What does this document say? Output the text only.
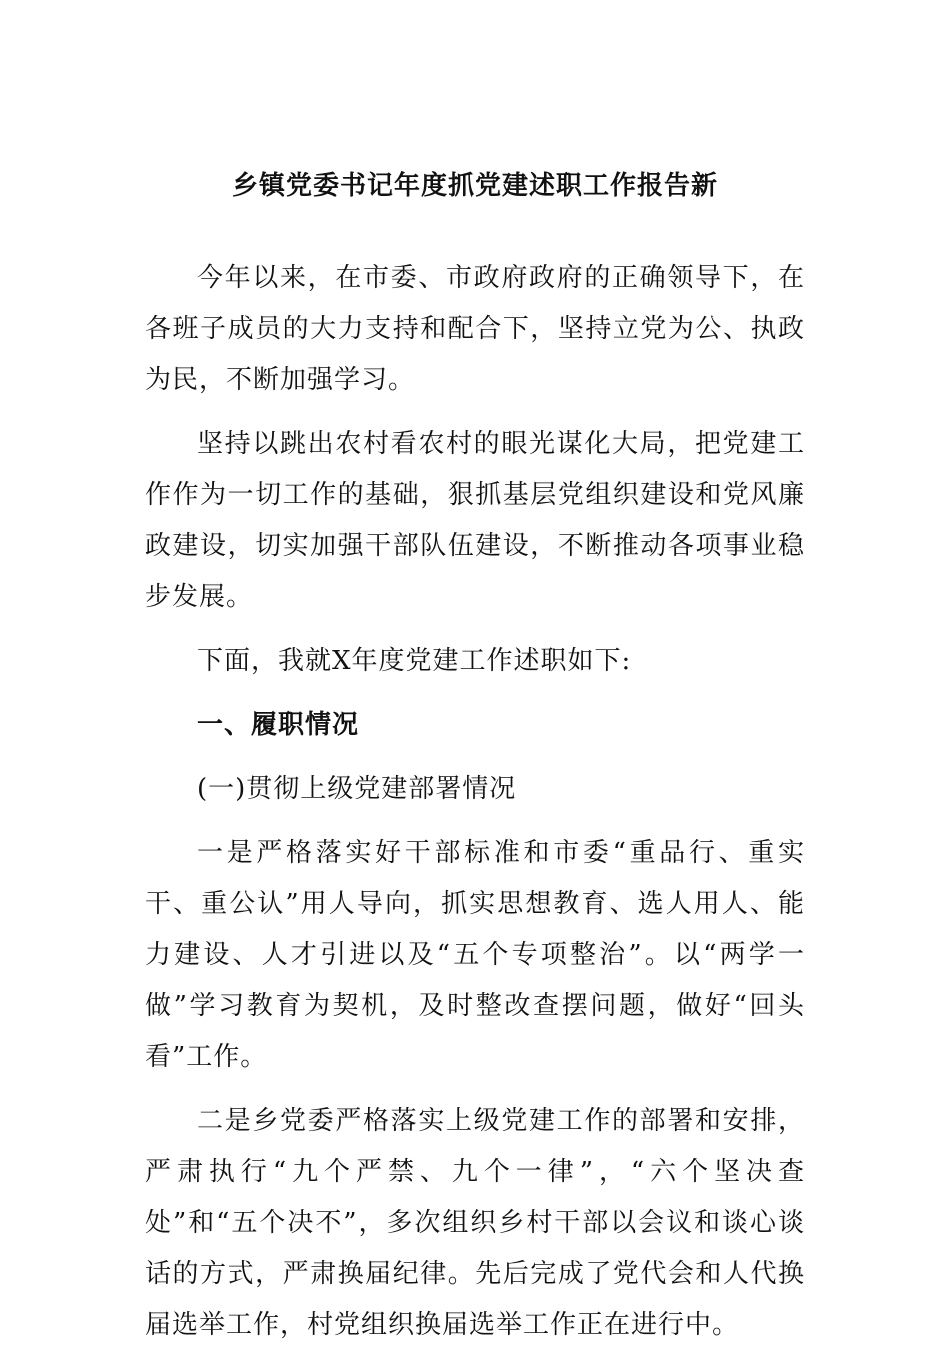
乡镇党委书记年度抓党建述职工作报告新

今年以来，在市委、市政府政府的正确领导下，在各班子成员的大力支持和配合下，坚持立党为公、执政为民，不断加强学习。

坚持以跳出农村看农村的眼光谋化大局，把党建工作作为一切工作的基础，狠抓基层党组织建设和党风廉政建设，切实加强干部队伍建设，不断推动各项事业稳步发展。

下面，我就X年度党建工作述职如下:

一、履职情况

(一)贯彻上级党建部署情况

一是严格落实好干部标准和市委“重品行、重实干、重公认”用人导向，抓实思想教育、选人用人、能力建设、人才引进以及“五个专项整治”。以“两学一做”学习教育为契机，及时整改查摆问题，做好“回头看”工作。

二是乡党委严格落实上级党建工作的部署和安排，严肃执行“九个严禁、九个一律”，“六个坚决查处”和“五个决不”，多次组织乡村干部以会议和谈心谈话的方式，严肃换届纪律。先后完成了党代会和人代换届选举工作，村党组织换届选举工作正在进行中。
